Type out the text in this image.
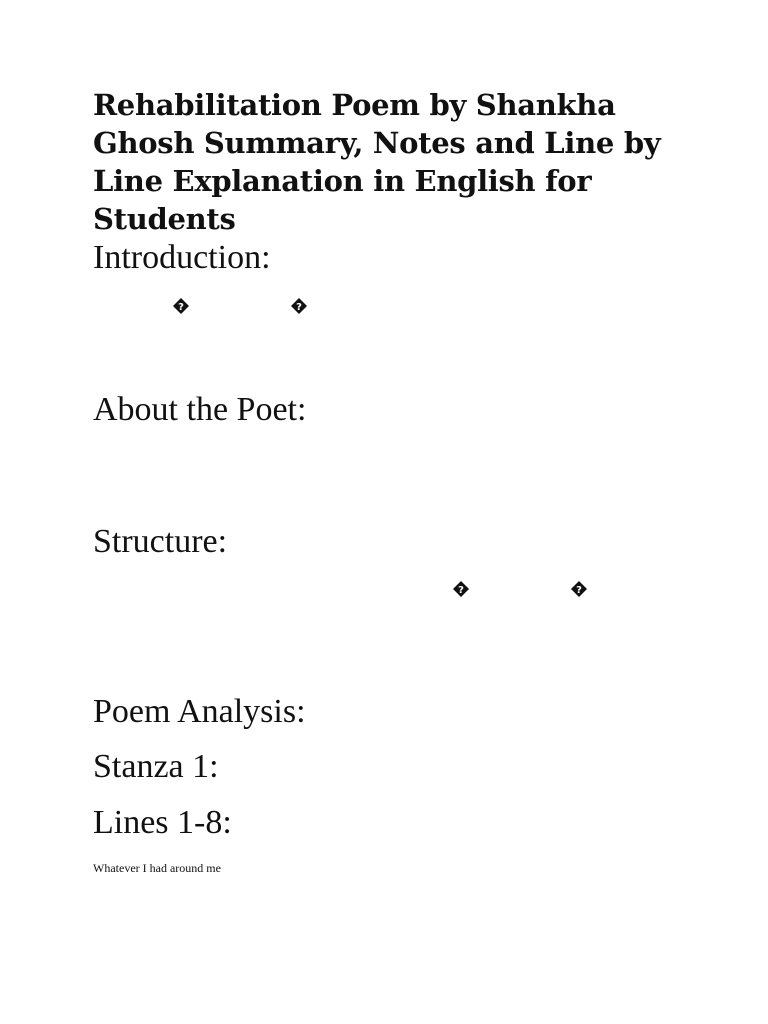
Rehabilitation Poem by Shankha Ghosh Summary, Notes and Line by Line Explanation in English for Students
Introduction:
?	?
About the Poet:
Structure:
?	?
Poem Analysis:
Stanza 1:
Lines 1-8:

Whatever I had around me
